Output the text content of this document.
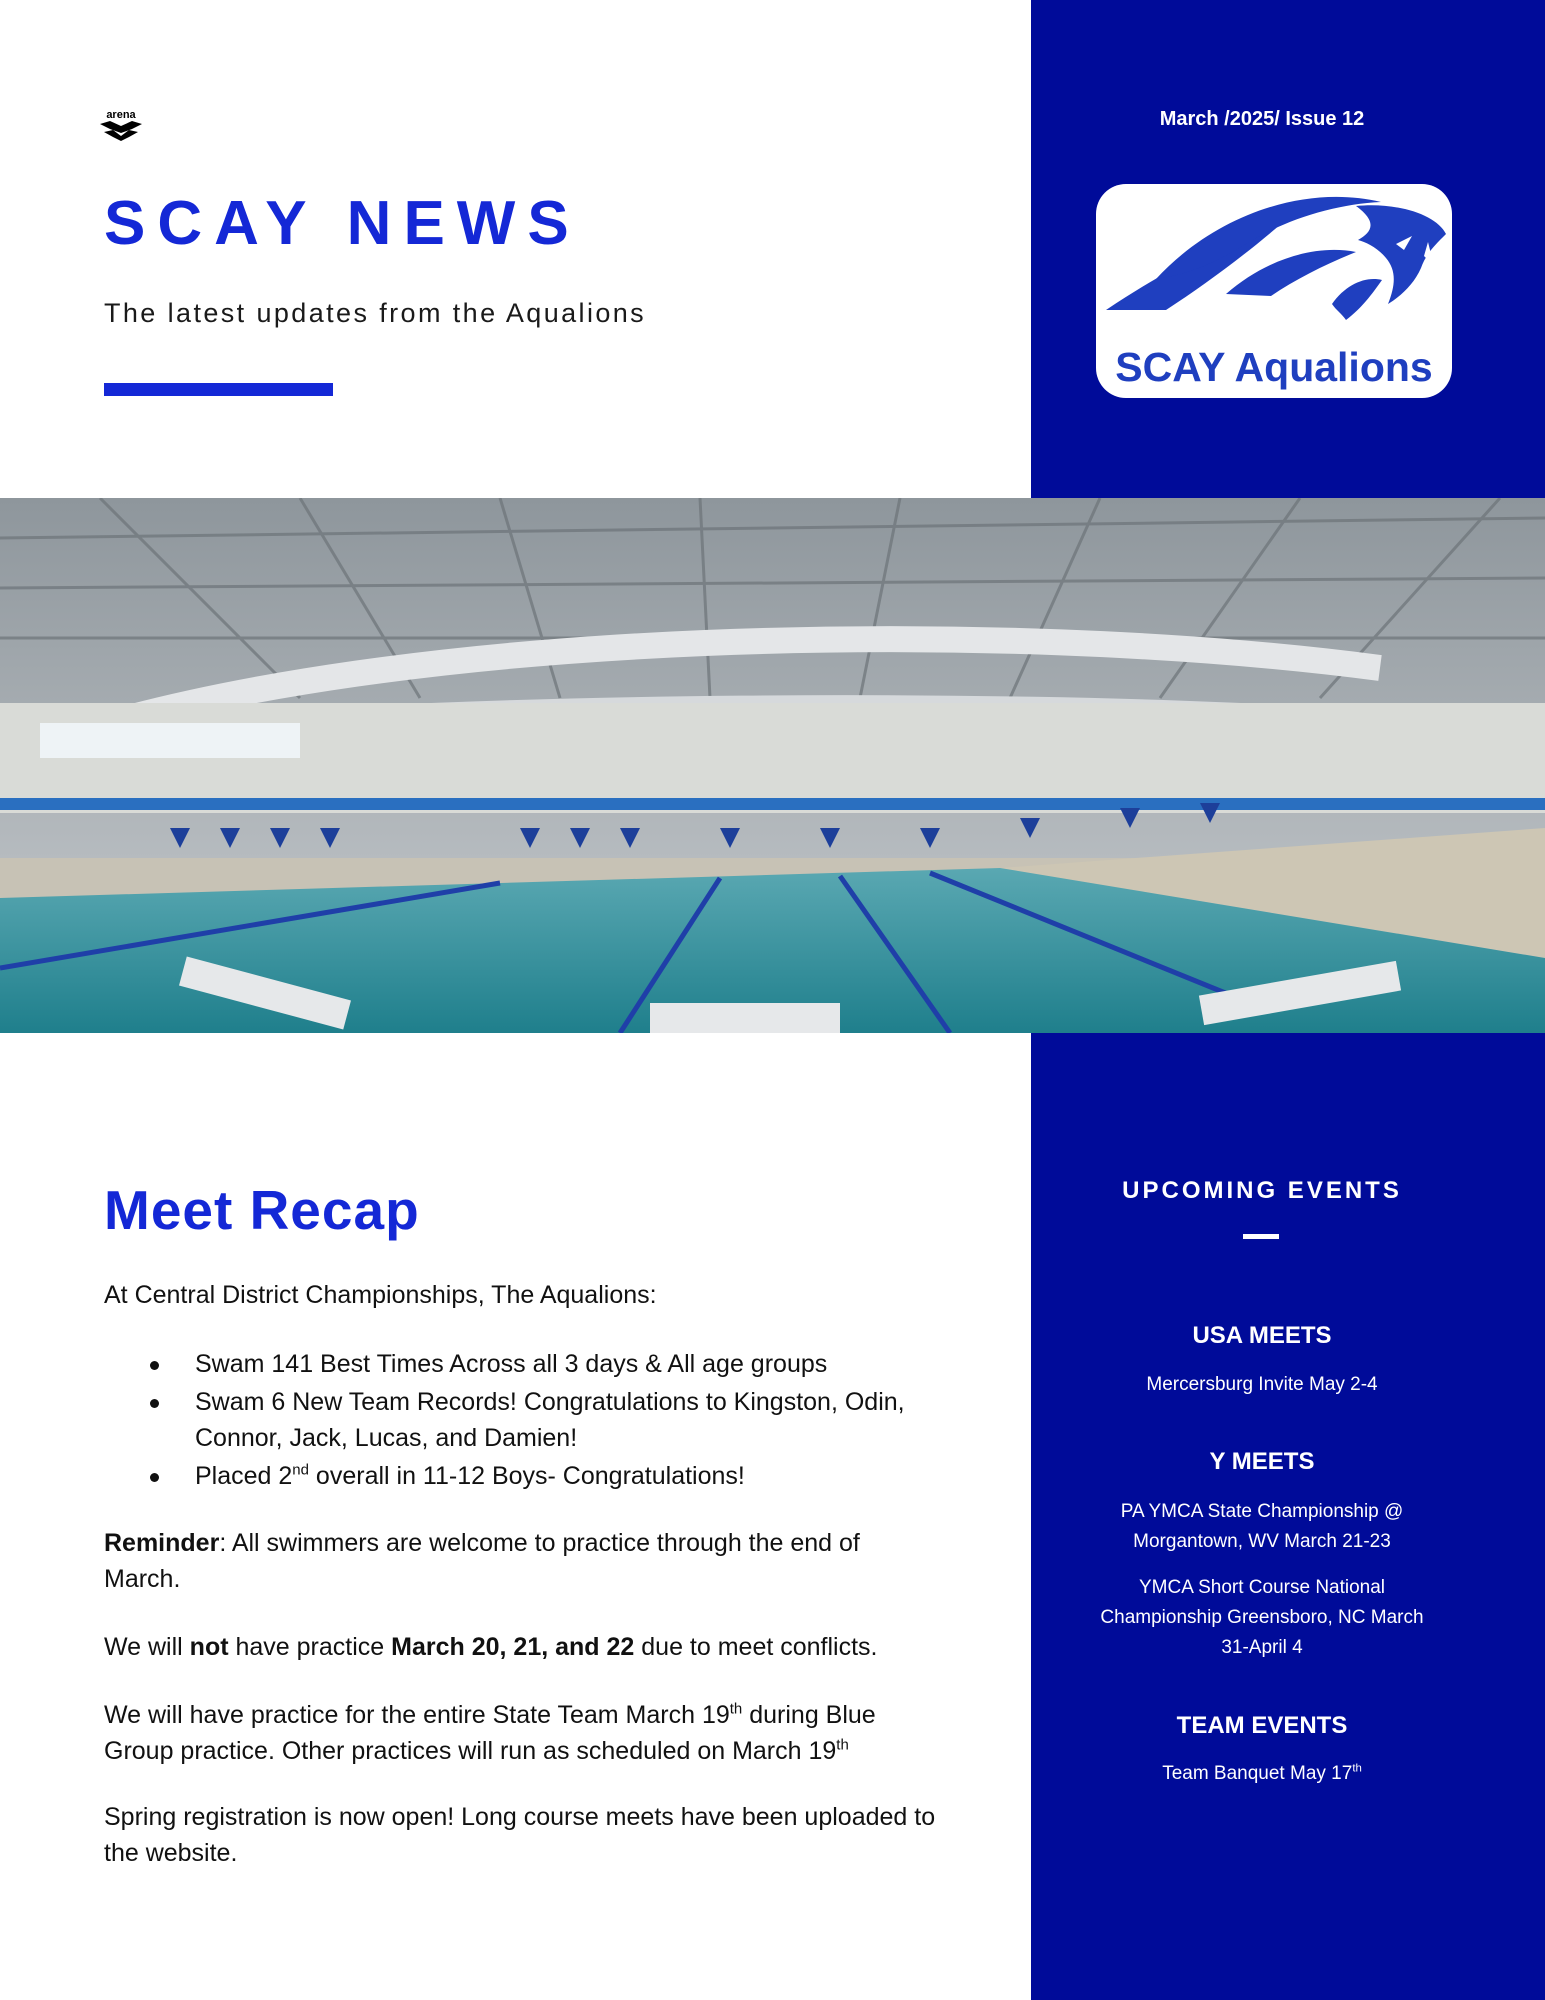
arena
SCAY NEWS
The latest updates from the Aqualions
March /2025/ Issue 12
SCAY Aqualions
UPCOMING EVENTS
USA MEETS
Mercersburg Invite May 2-4
Y MEETS
PA YMCA State Championship @ Morgantown, WV March 21-23
YMCA Short Course National Championship Greensboro, NC March 31-April 4
TEAM EVENTS
Team Banquet May 17th
Meet Recap
At Central District Championships, The Aqualions:
Swam 141 Best Times Across all 3 days & All age groups
Swam 6 New Team Records! Congratulations to Kingston, Odin, Connor, Jack, Lucas, and Damien!
Placed 2nd overall in 11-12 Boys- Congratulations!
Reminder: All swimmers are welcome to practice through the end of March.
We will not have practice March 20, 21, and 22 due to meet conflicts.
We will have practice for the entire State Team March 19th during Blue Group practice. Other practices will run as scheduled on March 19th
Spring registration is now open! Long course meets have been uploaded to the website.
